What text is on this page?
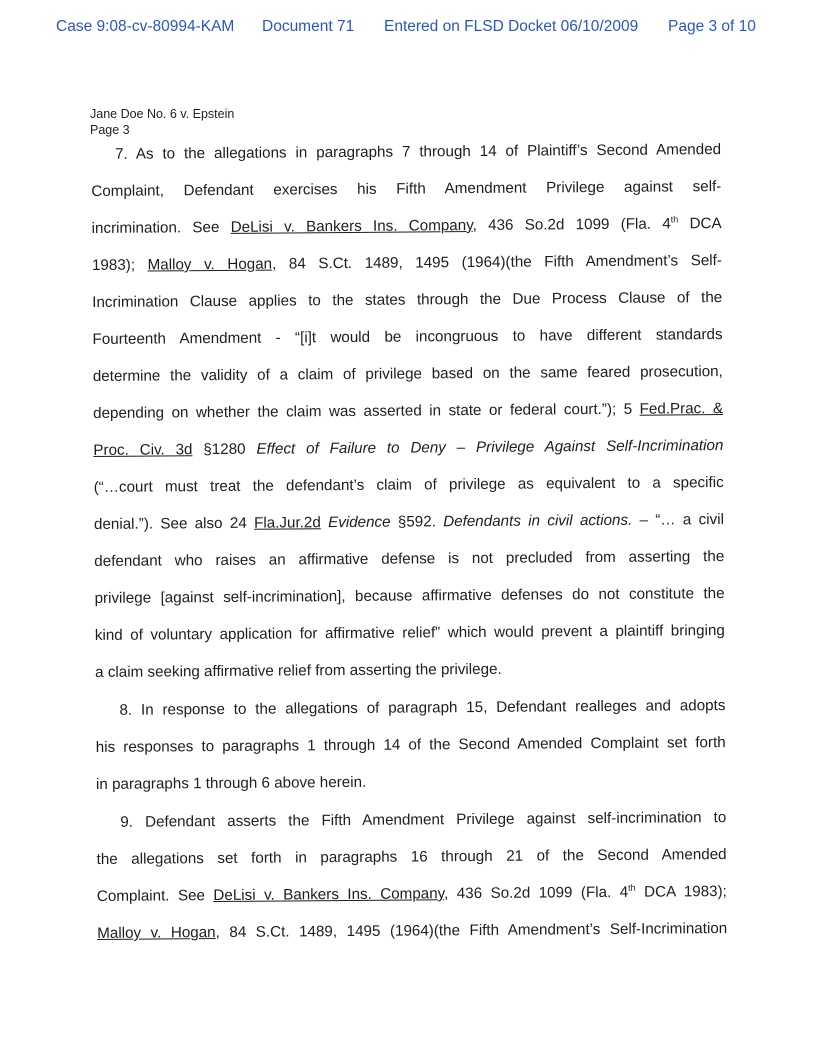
Case 9:08-cv-80994-KAM Document 71 Entered on FLSD Docket 06/10/2009 Page 3 of 10
Jane Doe No. 6 v. Epstein
Page 3
7. As to the allegations in paragraphs 7 through 14 of Plaintiff’s Second Amended
Complaint, Defendant exercises his Fifth Amendment Privilege against self-
incrimination. See DeLisi v. Bankers Ins. Company, 436 So.2d 1099 (Fla. 4th DCA
1983); Malloy v. Hogan, 84 S.Ct. 1489, 1495 (1964)(the Fifth Amendment’s Self-
Incrimination Clause applies to the states through the Due Process Clause of the
Fourteenth Amendment - “[i]t would be incongruous to have different standards
determine the validity of a claim of privilege based on the same feared prosecution,
depending on whether the claim was asserted in state or federal court.”); 5 Fed.Prac. &
Proc. Civ. 3d §1280 Effect of Failure to Deny – Privilege Against Self-Incrimination
(“…court must treat the defendant’s claim of privilege as equivalent to a specific
denial.”). See also 24 Fla.Jur.2d Evidence §592. Defendants in civil actions. – “… a civil
defendant who raises an affirmative defense is not precluded from asserting the
privilege [against self-incrimination], because affirmative defenses do not constitute the
kind of voluntary application for affirmative relief” which would prevent a plaintiff bringing
a claim seeking affirmative relief from asserting the privilege.
8. In response to the allegations of paragraph 15, Defendant realleges and adopts
his responses to paragraphs 1 through 14 of the Second Amended Complaint set forth
in paragraphs 1 through 6 above herein.
9. Defendant asserts the Fifth Amendment Privilege against self-incrimination to
the allegations set forth in paragraphs 16 through 21 of the Second Amended
Complaint. See DeLisi v. Bankers Ins. Company, 436 So.2d 1099 (Fla. 4th DCA 1983);
Malloy v. Hogan, 84 S.Ct. 1489, 1495 (1964)(the Fifth Amendment’s Self-Incrimination
